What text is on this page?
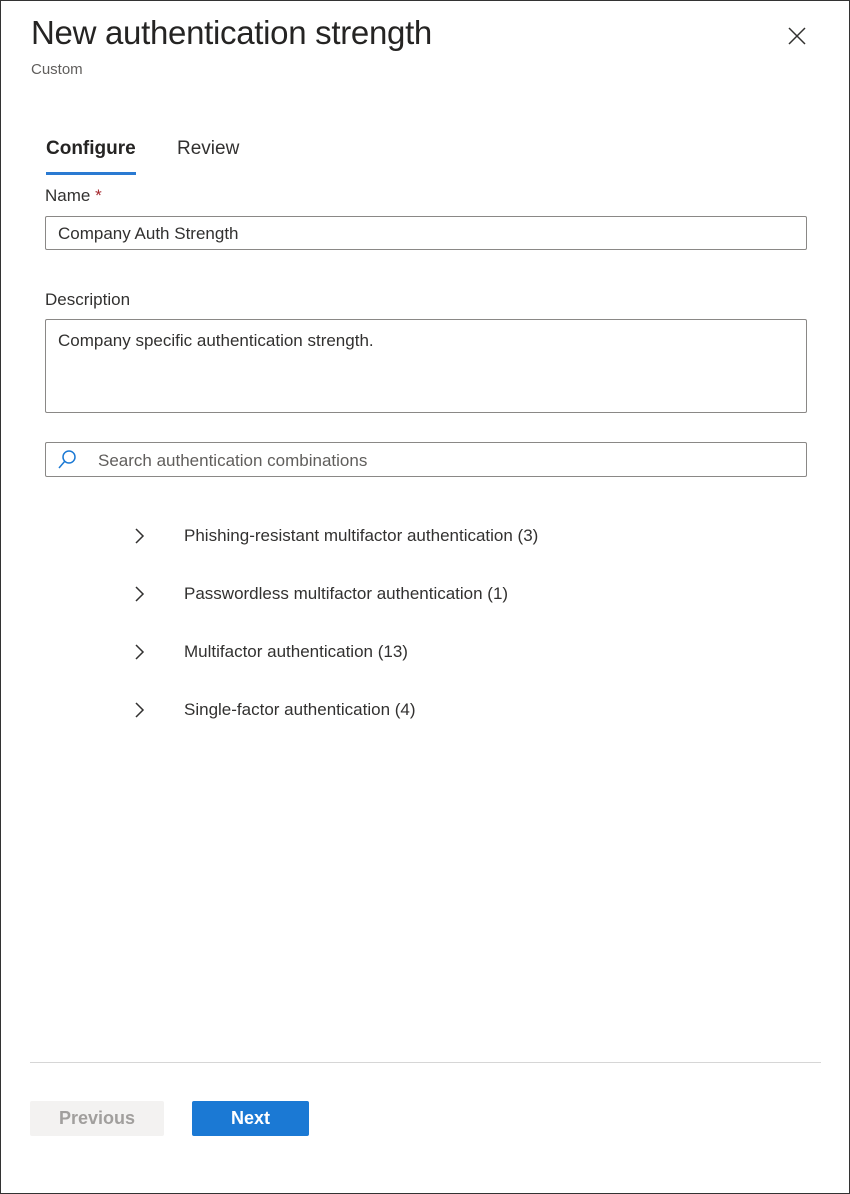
New authentication strength
Custom
Configure Review
Name *
Company Auth Strength
Description
Company specific authentication strength.
Search authentication combinations
Phishing-resistant multifactor authentication (3)
Passwordless multifactor authentication (1)
Multifactor authentication (13)
Single-factor authentication (4)
Previous	Next
